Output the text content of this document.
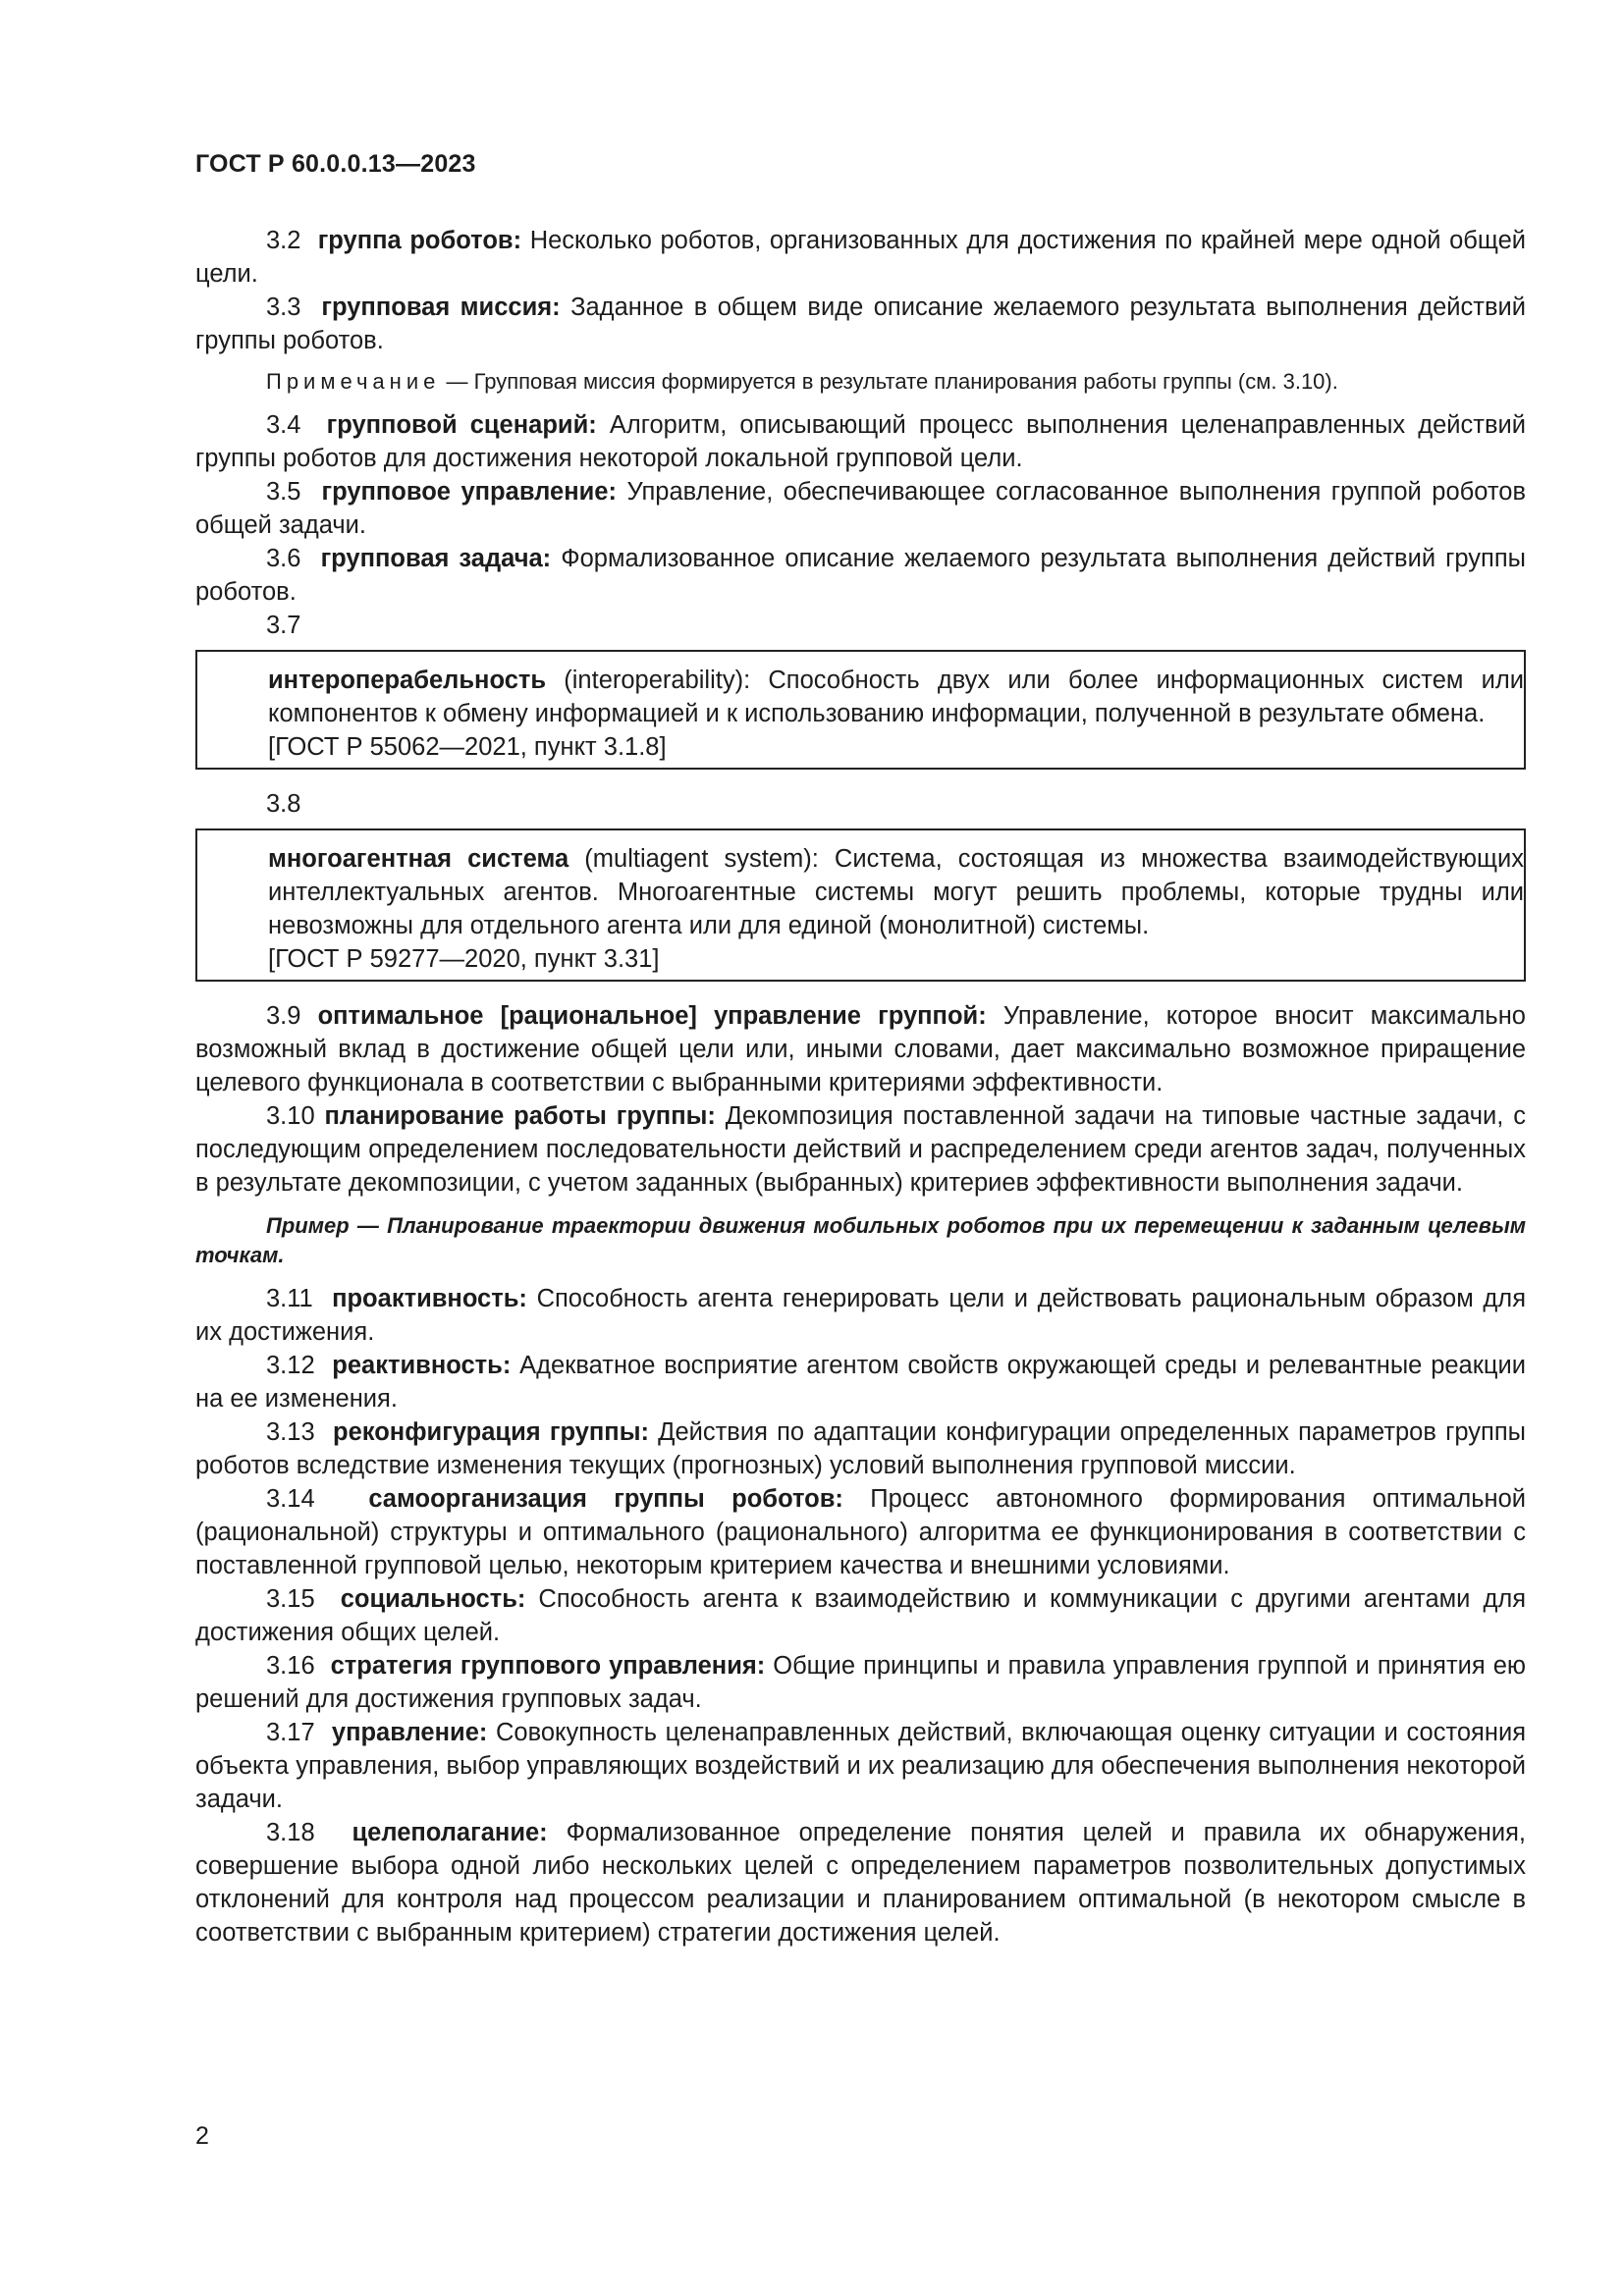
ГОСТ Р 60.0.0.13—2023

3.2 группа роботов: Несколько роботов, организованных для достижения по крайней мере одной общей цели.

3.3 групповая миссия: Заданное в общем виде описание желаемого результата выполнения действий группы роботов.

Примечание — Групповая миссия формируется в результате планирования работы группы (см. 3.10).

3.4 групповой сценарий: Алгоритм, описывающий процесс выполнения целенаправленных действий группы роботов для достижения некоторой локальной групповой цели.

3.5 групповое управление: Управление, обеспечивающее согласованное выполнения группой роботов общей задачи.

3.6 групповая задача: Формализованное описание желаемого результата выполнения действий группы роботов.

3.7

интероперабельность (interoperability): Способность двух или более информационных систем или компонентов к обмену информацией и к использованию информации, полученной в результате обмена.
[ГОСТ Р 55062—2021, пункт 3.1.8]

3.8

многоагентная система (multiagent system): Система, состоящая из множества взаимодействующих интеллектуальных агентов. Многоагентные системы могут решить проблемы, которые трудны или невозможны для отдельного агента или для единой (монолитной) системы.
[ГОСТ Р 59277—2020, пункт 3.31]

3.9 оптимальное [рациональное] управление группой: Управление, которое вносит максимально возможный вклад в достижение общей цели или, иными словами, дает максимально возможное приращение целевого функционала в соответствии с выбранными критериями эффективности.

3.10 планирование работы группы: Декомпозиция поставленной задачи на типовые частные задачи, с последующим определением последовательности действий и распределением среди агентов задач, полученных в результате декомпозиции, с учетом заданных (выбранных) критериев эффективности выполнения задачи.

Пример — Планирование траектории движения мобильных роботов при их перемещении к заданным целевым точкам.

3.11 проактивность: Способность агента генерировать цели и действовать рациональным образом для их достижения.

3.12 реактивность: Адекватное восприятие агентом свойств окружающей среды и релевантные реакции на ее изменения.

3.13 реконфигурация группы: Действия по адаптации конфигурации определенных параметров группы роботов вследствие изменения текущих (прогнозных) условий выполнения групповой миссии.

3.14 самоорганизация группы роботов: Процесс автономного формирования оптимальной (рациональной) структуры и оптимального (рационального) алгоритма ее функционирования в соответствии с поставленной групповой целью, некоторым критерием качества и внешними условиями.

3.15 социальность: Способность агента к взаимодействию и коммуникации с другими агентами для достижения общих целей.

3.16 стратегия группового управления: Общие принципы и правила управления группой и принятия ею решений для достижения групповых задач.

3.17 управление: Совокупность целенаправленных действий, включающая оценку ситуации и состояния объекта управления, выбор управляющих воздействий и их реализацию для обеспечения выполнения некоторой задачи.

3.18 целеполагание: Формализованное определение понятия целей и правила их обнаружения, совершение выбора одной либо нескольких целей с определением параметров позволительных допустимых отклонений для контроля над процессом реализации и планированием оптимальной (в некотором смысле в соответствии с выбранным критерием) стратегии достижения целей.

2
